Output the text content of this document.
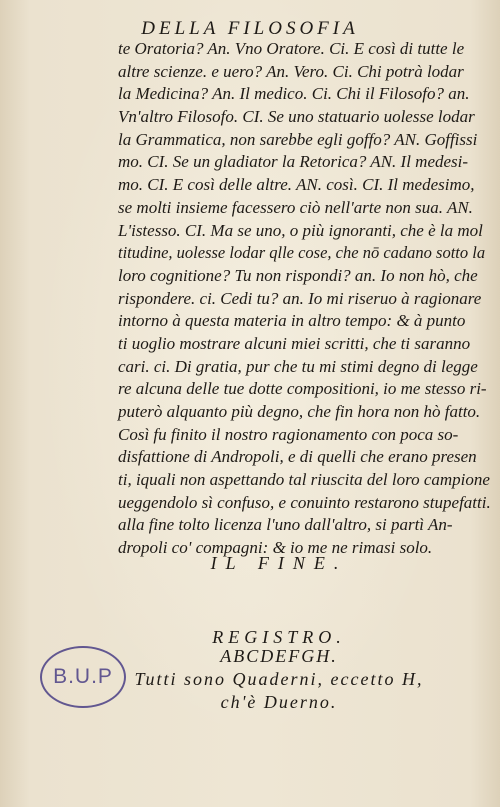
DELLA FILOSOFIA
te Oratoria? An. Vno Oratore. Ci. E così di tutte le
altre scienze. e uero? An. Vero. Ci. Chi potrà lodar
la Medicina? An. Il medico. Ci. Chi il Filosofo? an.
Vn'altro Filosofo. CI. Se uno statuario uolesse lodar
la Grammatica, non sarebbe egli goffo? AN. Goffissi
mo. CI. Se un gladiator la Retorica? AN. Il medesi-
mo. CI. E così delle altre. AN. così. CI. Il medesimo,
se molti insieme facessero ciò nell'arte non sua. AN.
L'istesso. CI. Ma se uno, o più ignoranti, che è la mol
titudine, uolesse lodar qlle cose, che nō cadano sotto la
loro cognitione? Tu non rispondi? an. Io non hò, che
rispondere. ci. Cedi tu? an. Io mi riseruo à ragionare
intorno à questa materia in altro tempo: & à punto
ti uoglio mostrare alcuni miei scritti, che ti saranno
cari. ci. Di gratia, pur che tu mi stimi degno di legge
re alcuna delle tue dotte compositioni, io me stesso ri-
puterò alquanto più degno, che fin hora non hò fatto.
Così fu finito il nostro ragionamento con poca so-
disfattione di Andropoli, e di quelli che erano presen
ti, iquali non aspettando tal riuscita del loro campione
ueggendolo sì confuso, e conuinto restarono stupefatti.
alla fine tolto licenza l'uno dall'altro, si partì An-
dropoli co' compagni: & io me ne rimasi solo.
IL FINE.
REGISTRO.
ABCDEFGH.
Tutti sono Quaderni, eccetto H,
ch'è Duerno.
B.U.P
